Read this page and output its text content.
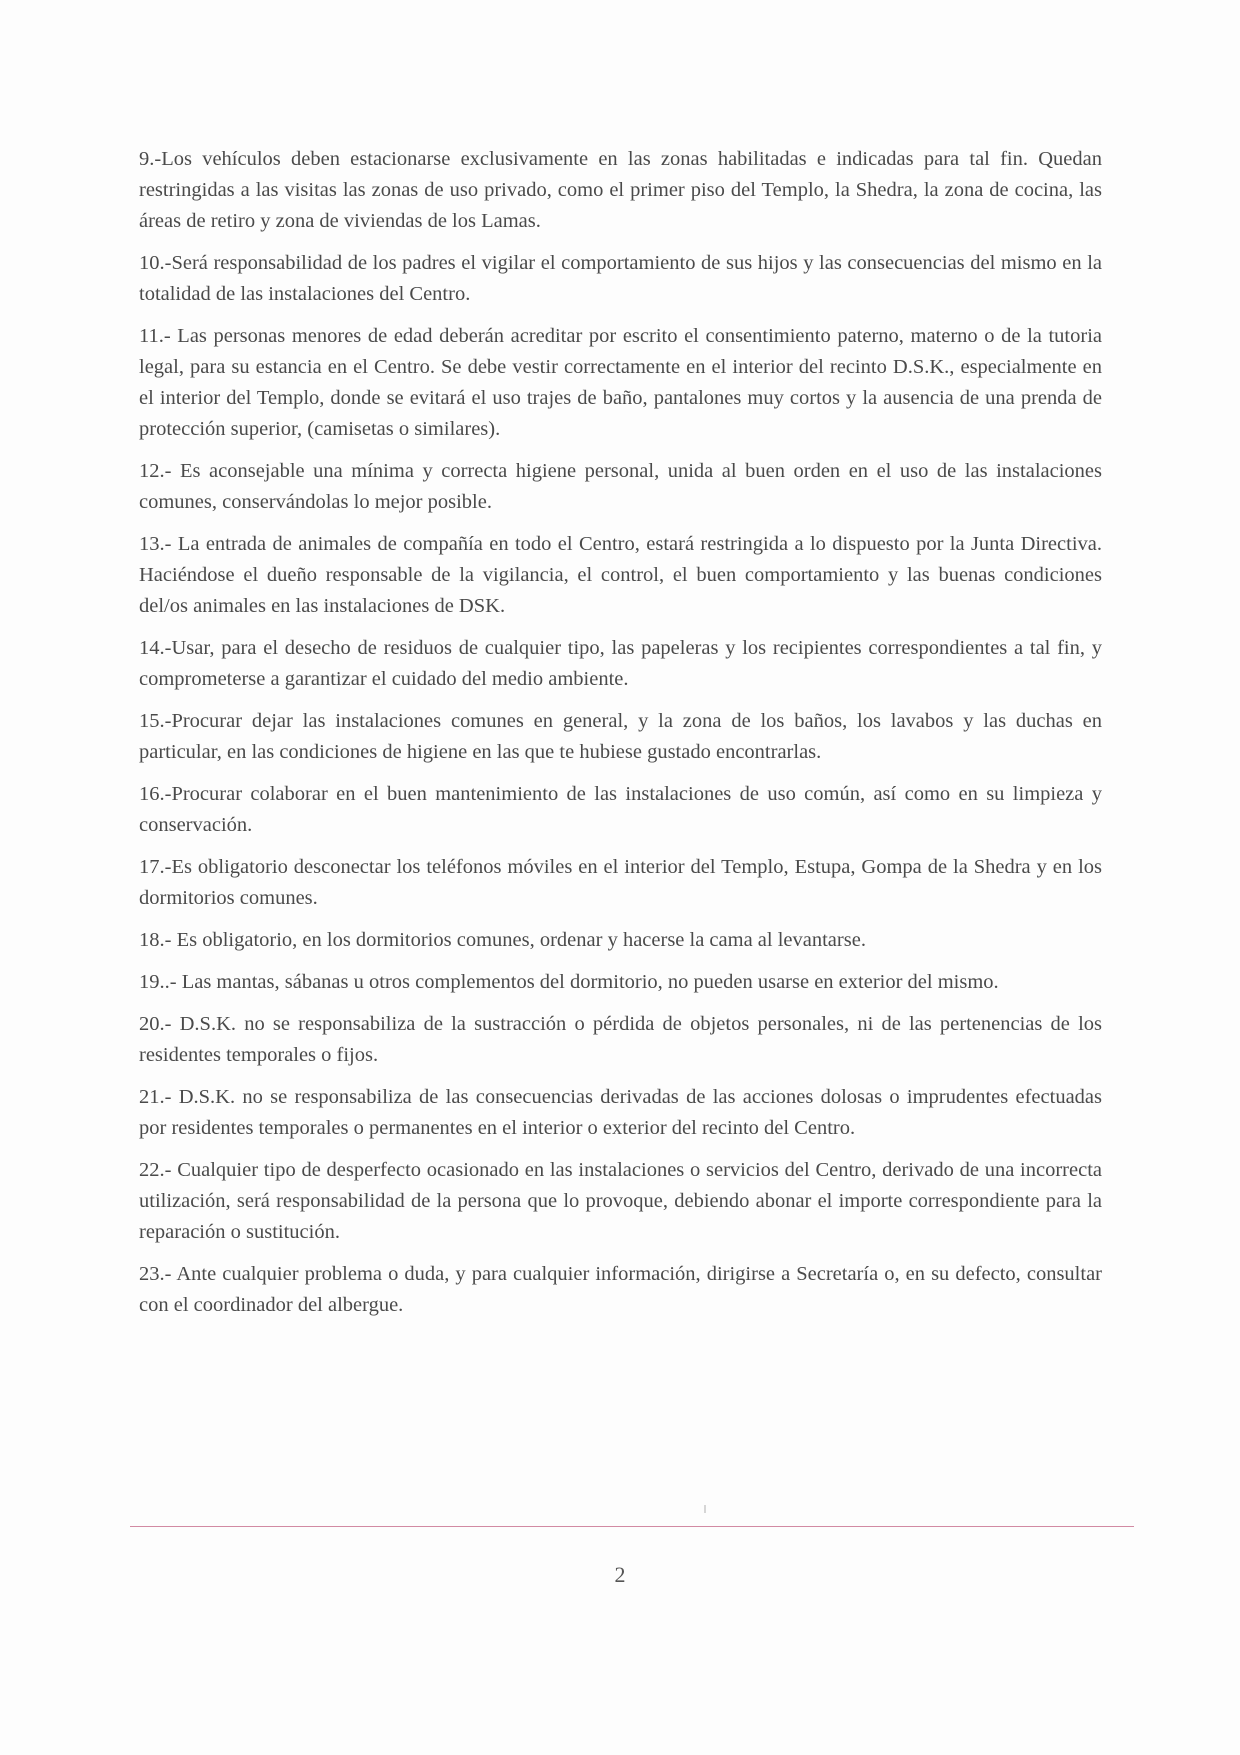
9.-Los vehículos deben estacionarse exclusivamente en las zonas habilitadas e indicadas para tal fin. Quedan restringidas a las visitas las zonas de uso privado, como el primer piso del Templo, la Shedra, la zona de cocina, las áreas de retiro y zona de viviendas de los Lamas.

10.-Será responsabilidad de los padres el vigilar el comportamiento de sus hijos y las consecuencias del mismo en la totalidad de las instalaciones del Centro.

11.- Las personas menores de edad deberán acreditar por escrito el consentimiento paterno, materno o de la tutoria legal, para su estancia en el Centro. Se debe vestir correctamente en el interior del recinto D.S.K., especialmente en el interior del Templo, donde se evitará el uso trajes de baño, pantalones muy cortos y la ausencia de una prenda de protección superior, (camisetas o similares).

12.- Es aconsejable una mínima y correcta higiene personal, unida al buen orden en el uso de las instalaciones comunes, conservándolas lo mejor posible.

13.- La entrada de animales de compañía en todo el Centro, estará restringida a lo dispuesto por la Junta Directiva. Haciéndose el dueño responsable de la vigilancia, el control, el buen comportamiento y las buenas condiciones del/os animales en las instalaciones de DSK.

14.-Usar, para el desecho de residuos de cualquier tipo, las papeleras y los recipientes correspondientes a tal fin, y comprometerse a garantizar el cuidado del medio ambiente.

15.-Procurar dejar las instalaciones comunes en general, y la zona de los baños, los lavabos y las duchas en particular, en las condiciones de higiene en las que te hubiese gustado encontrarlas.

16.-Procurar colaborar en el buen mantenimiento de las instalaciones de uso común, así como en su limpieza y conservación.

17.-Es obligatorio desconectar los teléfonos móviles en el interior del Templo, Estupa, Gompa de la Shedra y en los dormitorios comunes.

18.- Es obligatorio, en los dormitorios comunes, ordenar y hacerse la cama al levantarse.

19..- Las mantas, sábanas u otros complementos del dormitorio, no pueden usarse en exterior del mismo.

20.- D.S.K. no se responsabiliza de la sustracción o pérdida de objetos personales, ni de las pertenencias de los residentes temporales o fijos.

21.- D.S.K. no se responsabiliza de las consecuencias derivadas de las acciones dolosas o imprudentes efectuadas por residentes temporales o permanentes en el interior o exterior del recinto del Centro.

22.- Cualquier tipo de desperfecto ocasionado en las instalaciones o servicios del Centro, derivado de una incorrecta utilización, será responsabilidad de la persona que lo provoque, debiendo abonar el importe correspondiente para la reparación o sustitución.

23.- Ante cualquier problema o duda, y para cualquier información, dirigirse a Secretaría o, en su defecto, consultar con el coordinador del albergue.

2
